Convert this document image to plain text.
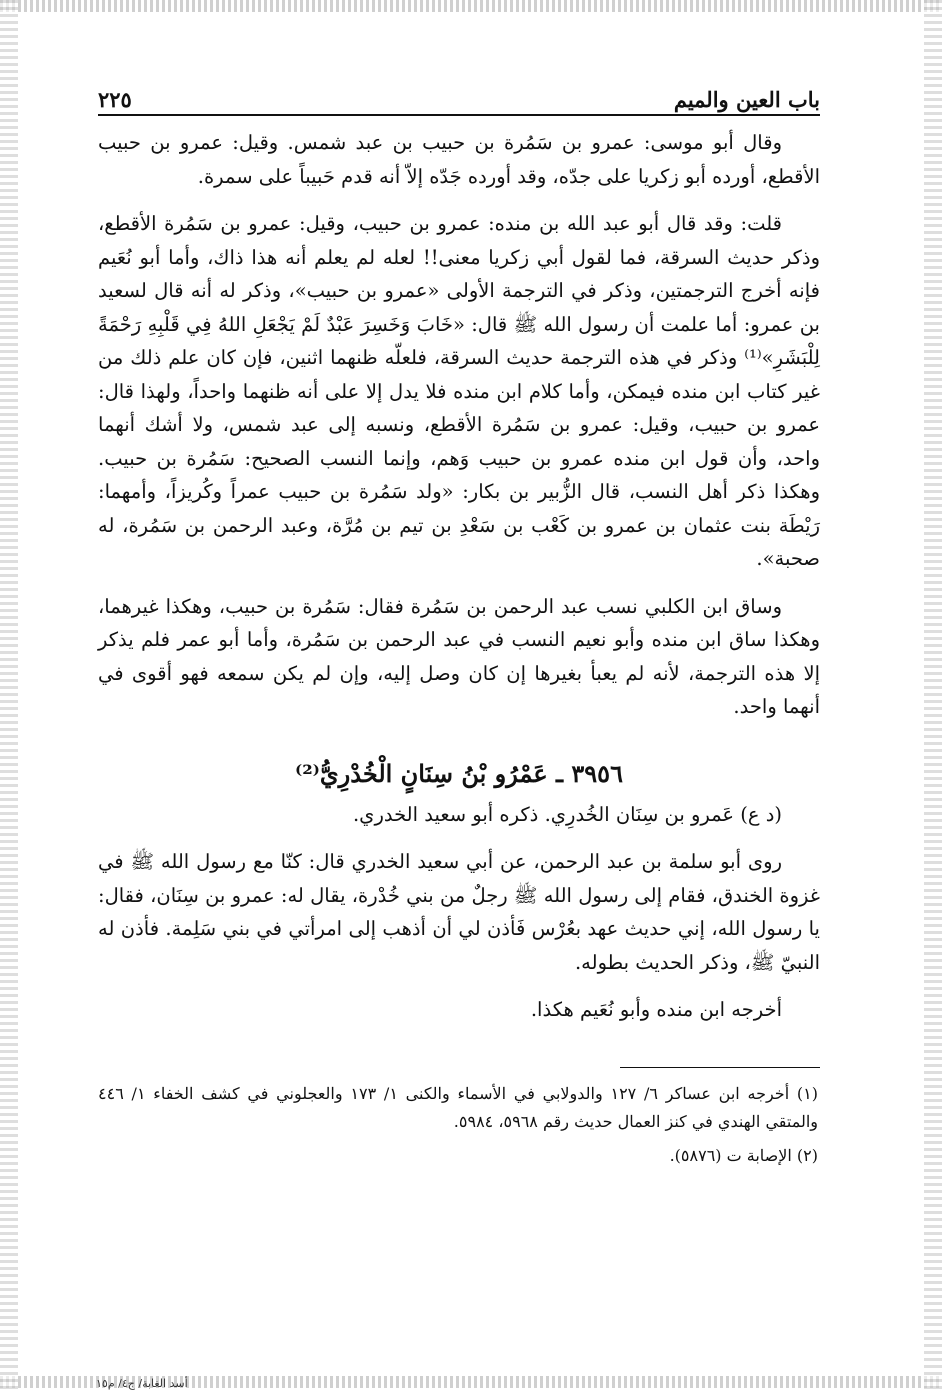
باب العين والميم
٢٢٥

وقال أبو موسى: عمرو بن سَمُرة بن حبيب بن عبد شمس. وقيل: عمرو بن حبيب الأقطع، أورده أبو زكريا على جدّه، وقد أورده جَدّه إلاّ أنه قدم حَبيباً على سمرة.

قلت: وقد قال أبو عبد الله بن منده: عمرو بن حبيب، وقيل: عمرو بن سَمُرة الأقطع، وذكر حديث السرقة، فما لقول أبي زكريا معنى!! لعله لم يعلم أنه هذا ذاك، وأما أبو نُعَيم فإنه أخرج الترجمتين، وذكر في الترجمة الأولى «عمرو بن حبيب»، وذكر له أنه قال لسعيد بن عمرو: أما علمت أن رسول الله ﷺ قال: «خَابَ وَخَسِرَ عَبْدٌ لَمْ يَجْعَلِ اللهُ فِي قَلْبِهِ رَحْمَةً لِلْبَشَرِ»⁽¹⁾ وذكر في هذه الترجمة حديث السرقة، فلعلّه ظنهما اثنين، فإن كان علم ذلك من غير كتاب ابن منده فيمكن، وأما كلام ابن منده فلا يدل إلا على أنه ظنهما واحداً، ولهذا قال: عمرو بن حبيب، وقيل: عمرو بن سَمُرة الأقطع، ونسبه إلى عبد شمس، ولا أشك أنهما واحد، وأن قول ابن منده عمرو بن حبيب وَهم، وإنما النسب الصحيح: سَمُرة بن حبيب. وهكذا ذكر أهل النسب، قال الزُّبير بن بكار: «ولد سَمُرة بن حبيب عمراً وكُريزاً، وأمهما: رَيْطَة بنت عثمان بن عمرو بن كَعْب بن سَعْدِ بن تيم بن مُرَّة، وعبد الرحمن بن سَمُرة، له صحبة».

وساق ابن الكلبي نسب عبد الرحمن بن سَمُرة فقال: سَمُرة بن حبيب، وهكذا غيرهما، وهكذا ساق ابن منده وأبو نعيم النسب في عبد الرحمن بن سَمُرة، وأما أبو عمر فلم يذكر إلا هذه الترجمة، لأنه لم يعبأ بغيرها إن كان وصل إليه، وإن لم يكن سمعه فهو أقوى في أنهما واحد.

٣٩٥٦ ـ عَمْرُو بْنُ سِنَانٍ الْخُدْرِيُّ⁽²⁾

(د ع) عَمرو بن سِنَان الخُدرِي. ذكره أبو سعيد الخدري.

روى أبو سلمة بن عبد الرحمن، عن أبي سعيد الخدري قال: كنّا مع رسول الله ﷺ في غزوة الخندق، فقام إلى رسول الله ﷺ رجلٌ من بني خُدْرة، يقال له: عمرو بن سِنَان، فقال: يا رسول الله، إني حديث عهد بعُرْس فَأذن لي أن أذهب إلى امرأتي في بني سَلِمة. فأذن له النبيّ ﷺ، وذكر الحديث بطوله.

أخرجه ابن منده وأبو نُعَيم هكذا.

(١) أخرجه ابن عساكر ٦/ ١٢٧ والدولابي في الأسماء والكنى ١/ ١٧٣ والعجلوني في كشف الخفاء ١/ ٤٤٦ والمتقي الهندي في كنز العمال حديث رقم ٥٩٦٨، ٥٩٨٤.

(٢) الإصابة ت (٥٨٧٦).

أسد الغابة/ ج٤/ م١٥
